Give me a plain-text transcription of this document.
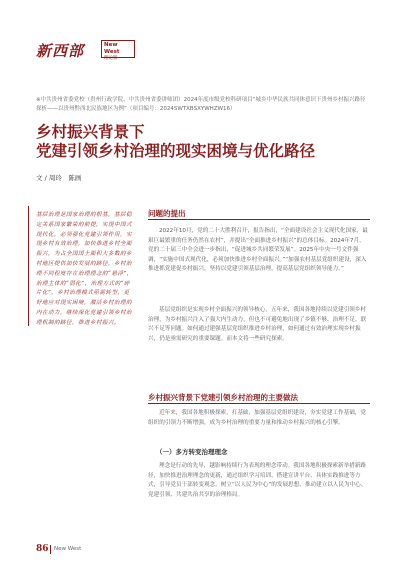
新西部	New West
理论版
※中共贵州省委党校（贵州行政学院、中共贵州省委讲师团）2024年度市级党校科研项目“城乡中华民族共同体意识下贵州乡村振兴路径探析——以贵州黔西北民族地区为例”（项目编号：2024SWTXBSXYWHZW16）
乡村振兴背景下
党建引领乡村治理的现实困境与优化路径
文 / 周玲　陈画
基层治理是国家治理的根基，基层稳定关系国家繁荣的前提，实现中国式现代化，必须强化党建引领作用，实现乡村有效治理，加快推进乡村全面振兴，为占全国国土面积大多数的乡村地区提供加快发展的路径，乡村治理不同程度存在治理理念的“悬浮”，治理主体的“弱化”，治理方式的“碎片化”，乡村治理模式亟需转型，更好地应对现实困境，激活乡村治理的内在动力，继续深化党建引领乡村治理机制的路径，推进乡村振兴。
问题的提出
2022年10月，党的二十大胜利召开，报告指出，“全面建设社会主义现代化国家，最艰巨最繁重的任务仍然在农村”，并提出“全面推进乡村振兴”的总体目标。2024年7月，党的二十届三中全会进一步指出，“促进城乡共同繁荣发展”。2025年中央一号文件强调，“实施中国式现代化，必须加快推进乡村全面振兴。”“加强农村基层党组织建设，深入推进抓党建促乡村振兴，坚持以党建引领基层治理，提高基层党组织领导能力。”
基层党组织是实现乡村全面振兴的领导核心，五年来，我国各地持续以党建引领乡村治理，为乡村振兴注入了强大内生动力，但也不可避免地出现了乡镇不够、治理不足、联兴不足等问题。如何通过建强基层党组织推进乡村治理，如何通过有效治理实现乡村振兴，仍是亟需研究的重要课题。而本文将一些研究探索。
乡村振兴背景下党建引领乡村治理的主要做法
近年来，我国各地积极探索，打基础，加强基层党组织建设，夯实党建工作基础，党组织的引领力不断增强，成为乡村治理的重要力量和推动乡村振兴的核心引擎。
（一）多方转变治理理念
理念是行动的先导，越影响持续行为表现的理念带动。我国各地积极探索新举措新路径，加快推进治理理念的更新，通过组织学习培训、搭建宣讲平台、具体实践推进等方式，引导党员干部转变观念，树立“以人民为中心”的发展思想，推动建立以人民为中心、党建引领、共建共治共享的治理格局。
86 New West
